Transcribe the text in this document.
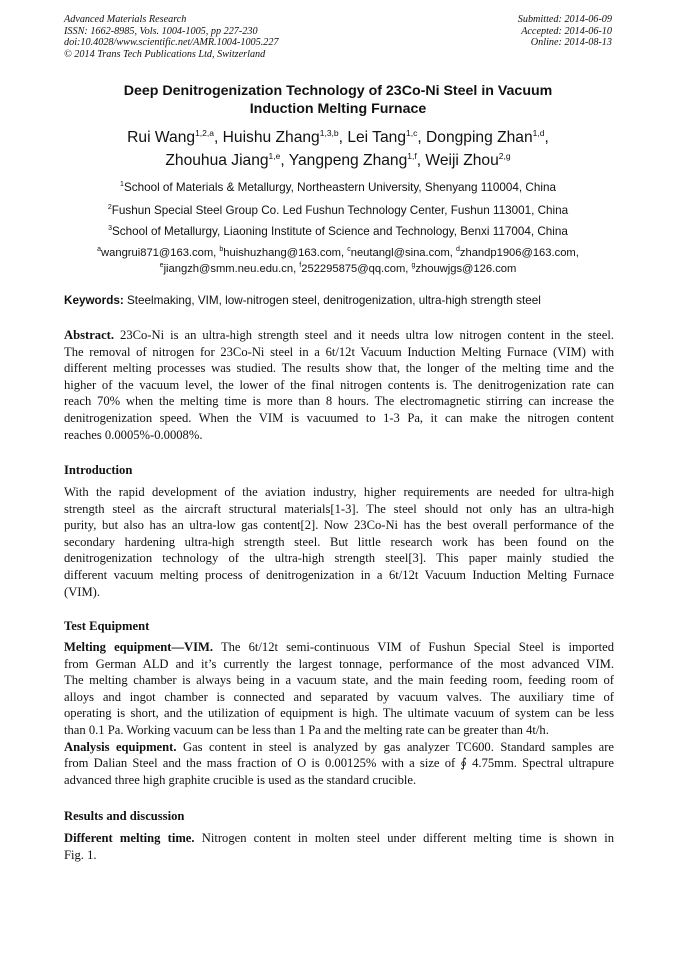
Advanced Materials Research
ISSN: 1662-8985, Vols. 1004-1005, pp 227-230
doi:10.4028/www.scientific.net/AMR.1004-1005.227
© 2014 Trans Tech Publications Ltd, Switzerland
Submitted: 2014-06-09
Accepted: 2014-06-10
Online: 2014-08-13
Deep Denitrogenization Technology of 23Co-Ni Steel in Vacuum
Induction Melting Furnace
Rui Wang$^{1,2,a}$, Huishu Zhang$^{1,3,b}$, Lei Tang$^{1,c}$, Dongping Zhan$^{1,d}$,
Zhouhua Jiang$^{1,e}$, Yangpeng Zhang$^{1,f}$, Weiji Zhou$^{2,g}$
$^1$School of Materials & Metallurgy, Northeastern University, Shenyang 110004, China
$^2$Fushun Special Steel Group Co. Led Fushun Technology Center, Fushun 113001, China
$^3$School of Metallurgy, Liaoning Institute of Science and Technology, Benxi 117004, China
$^a$wangrui871@163.com, $^b$huishuzhang@163.com, $^c$neutangl@sina.com, $^d$zhandp1906@163.com,
$^e$jiangzh@smm.neu.edu.cn, $^f$252295875@qq.com, $^g$zhouwjgs@126.com
Keywords: Steelmaking, VIM, low-nitrogen steel, denitrogenization, ultra-high strength steel
Abstract. 23Co-Ni is an ultra-high strength steel and it needs ultra low nitrogen content in the steel.
The removal of nitrogen for 23Co-Ni steel in a 6t/12t Vacuum Induction Melting Furnace (VIM) with
different melting processes was studied. The results show that, the longer of the melting time and the
higher of the vacuum level, the lower of the final nitrogen contents is. The denitrogenization rate can
reach 70% when the melting time is more than 8 hours. The electromagnetic stirring can increase the
denitrogenization speed. When the VIM is vacuumed to 1-3 Pa, it can make the nitrogen content
reaches 0.0005%-0.0008%.
Introduction
With the rapid development of the aviation industry, higher requirements are needed for ultra-high
strength steel as the aircraft structural materials[1-3]. The steel should not only has an ultra-high
purity, but also has an ultra-low gas content[2]. Now 23Co-Ni has the best overall performance of the
secondary hardening ultra-high strength steel. But little research work has been found on the
denitrogenization technology of the ultra-high strength steel[3]. This paper mainly studied the
different vacuum melting process of denitrogenization in a 6t/12t Vacuum Induction Melting Furnace
(VIM).
Test Equipment
Melting equipment—VIM. The 6t/12t semi-continuous VIM of Fushun Special Steel is imported
from German ALD and it’s currently the largest tonnage, performance of the most advanced VIM.
The melting chamber is always being in a vacuum state, and the main feeding room, feeding room of
alloys and ingot chamber is connected and separated by vacuum valves. The auxiliary time of
operating is short, and the utilization of equipment is high. The ultimate vacuum of system can be less
than 0.1 Pa. Working vacuum can be less than 1 Pa and the melting rate can be greater than 4t/h.
Analysis equipment. Gas content in steel is analyzed by gas analyzer TC600. Standard samples are
from Dalian Steel and the mass fraction of O is 0.00125% with a size of ∮ 4.75mm. Spectral ultrapure
advanced three high graphite crucible is used as the standard crucible.
Results and discussion
Different melting time. Nitrogen content in molten steel under different melting time is shown in
Fig. 1.
